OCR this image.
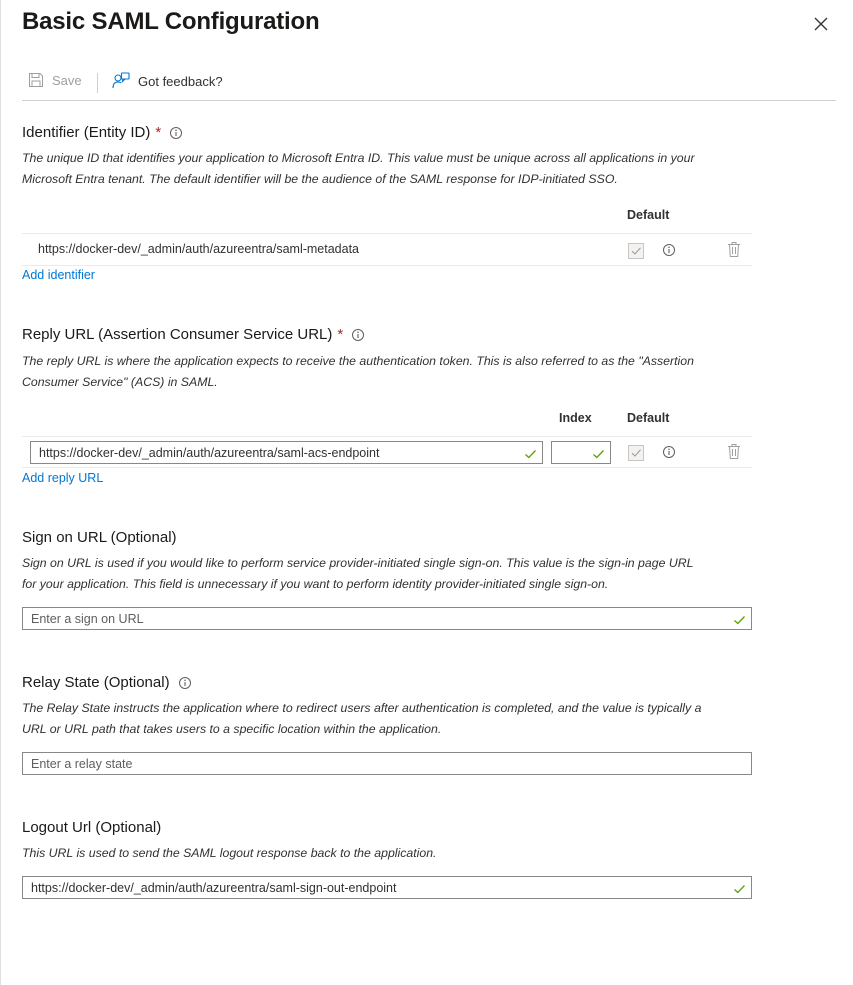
Basic SAML Configuration
Save	Got feedback?
Identifier (Entity ID) *
The unique ID that identifies your application to Microsoft Entra ID. This value must be unique across all applications in your
Microsoft Entra tenant. The default identifier will be the audience of the SAML response for IDP-initiated SSO.
Default
https://docker-dev/_admin/auth/azureentra/saml-metadata
Add identifier
Reply URL (Assertion Consumer Service URL) *
The reply URL is where the application expects to receive the authentication token. This is also referred to as the "Assertion
Consumer Service" (ACS) in SAML.
Index	Default
https://docker-dev/_admin/auth/azureentra/saml-acs-endpoint
Add reply URL
Sign on URL (Optional)
Sign on URL is used if you would like to perform service provider-initiated single sign-on. This value is the sign-in page URL
for your application. This field is unnecessary if you want to perform identity provider-initiated single sign-on.
Enter a sign on URL
Relay State (Optional)
The Relay State instructs the application where to redirect users after authentication is completed, and the value is typically a
URL or URL path that takes users to a specific location within the application.
Enter a relay state
Logout Url (Optional)
This URL is used to send the SAML logout response back to the application.
https://docker-dev/_admin/auth/azureentra/saml-sign-out-endpoint
